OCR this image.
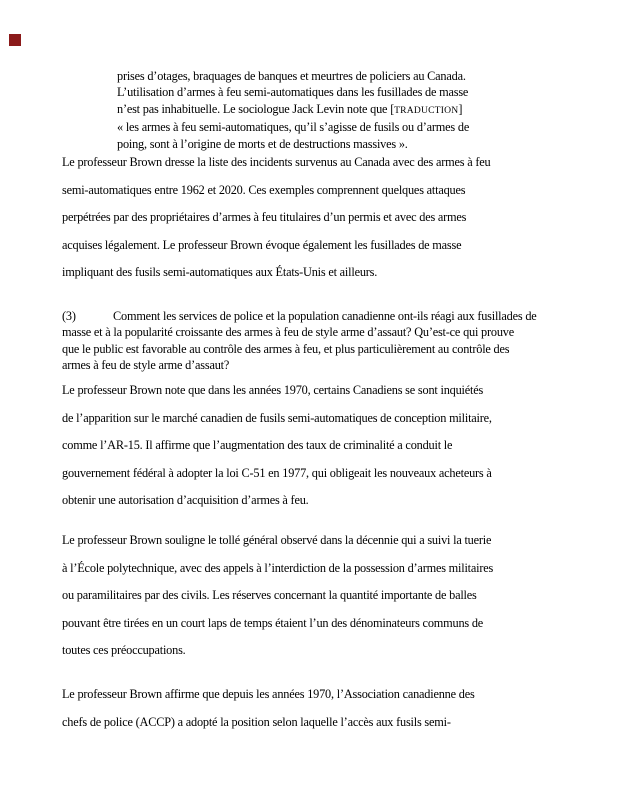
prises d’otages, braquages de banques et meurtres de policiers au Canada.
L’utilisation d’armes à feu semi-automatiques dans les fusillades de masse
n’est pas inhabituelle. Le sociologue Jack Levin note que [TRADUCTION]
« les armes à feu semi-automatiques, qu’il s’agisse de fusils ou d’armes de
poing, sont à l’origine de morts et de destructions massives ».
Le professeur Brown dresse la liste des incidents survenus au Canada avec des armes à feu
semi-automatiques entre 1962 et 2020. Ces exemples comprennent quelques attaques
perpétrées par des propriétaires d’armes à feu titulaires d’un permis et avec des armes
acquises légalement. Le professeur Brown évoque également les fusillades de masse
impliquant des fusils semi-automatiques aux États-Unis et ailleurs.
(3)	Comment les services de police et la population canadienne ont-ils réagi aux fusillades de
masse et à la popularité croissante des armes à feu de style arme d’assaut? Qu’est-ce qui prouve
que le public est favorable au contrôle des armes à feu, et plus particulièrement au contrôle des
armes à feu de style arme d’assaut?
Le professeur Brown note que dans les années 1970, certains Canadiens se sont inquiétés
de l’apparition sur le marché canadien de fusils semi-automatiques de conception militaire,
comme l’AR-15. Il affirme que l’augmentation des taux de criminalité a conduit le
gouvernement fédéral à adopter la loi C-51 en 1977, qui obligeait les nouveaux acheteurs à
obtenir une autorisation d’acquisition d’armes à feu.
Le professeur Brown souligne le tollé général observé dans la décennie qui a suivi la tuerie
à l’École polytechnique, avec des appels à l’interdiction de la possession d’armes militaires
ou paramilitaires par des civils. Les réserves concernant la quantité importante de balles
pouvant être tirées en un court laps de temps étaient l’un des dénominateurs communs de
toutes ces préoccupations.
Le professeur Brown affirme que depuis les années 1970, l’Association canadienne des
chefs de police (ACCP) a adopté la position selon laquelle l’accès aux fusils semi-
